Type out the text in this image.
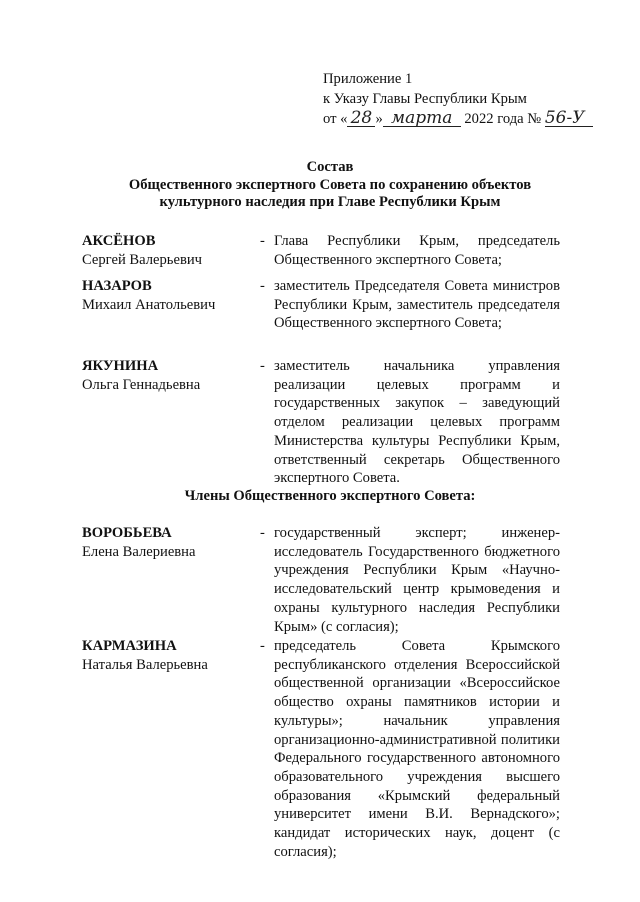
Приложение 1
к Указу Главы Республики Крым
от « 28 » марта 2022 года № 56-У
Состав
Общественного экспертного Совета по сохранению объектов
культурного наследия при Главе Республики Крым
АКСЁНОВ
Сергей Валерьевич
- Глава Республики Крым, председатель Общественного экспертного Совета;
НАЗАРОВ
Михаил Анатольевич
- заместитель Председателя Совета министров Республики Крым, заместитель председателя Общественного экспертного Совета;
ЯКУНИНА
Ольга Геннадьевна
- заместитель начальника управления реализации целевых программ и государственных закупок – заведующий отделом реализации целевых программ Министерства культуры Республики Крым, ответственный секретарь Общественного экспертного Совета.
Члены Общественного экспертного Совета:
ВОРОБЬЕВА
Елена Валериевна
- государственный эксперт; инженер-исследователь Государственного бюджетного учреждения Республики Крым «Научно-исследовательский центр крымоведения и охраны культурного наследия Республики Крым» (с согласия);
КАРМАЗИНА
Наталья Валерьевна
- председатель Совета Крымского республиканского отделения Всероссийской общественной организации «Всероссийское общество охраны памятников истории и культуры»; начальник управления организационно-административной политики Федерального государственного автономного образовательного учреждения высшего образования «Крымский федеральный университет имени В.И. Вернадского»; кандидат исторических наук, доцент (с согласия);
